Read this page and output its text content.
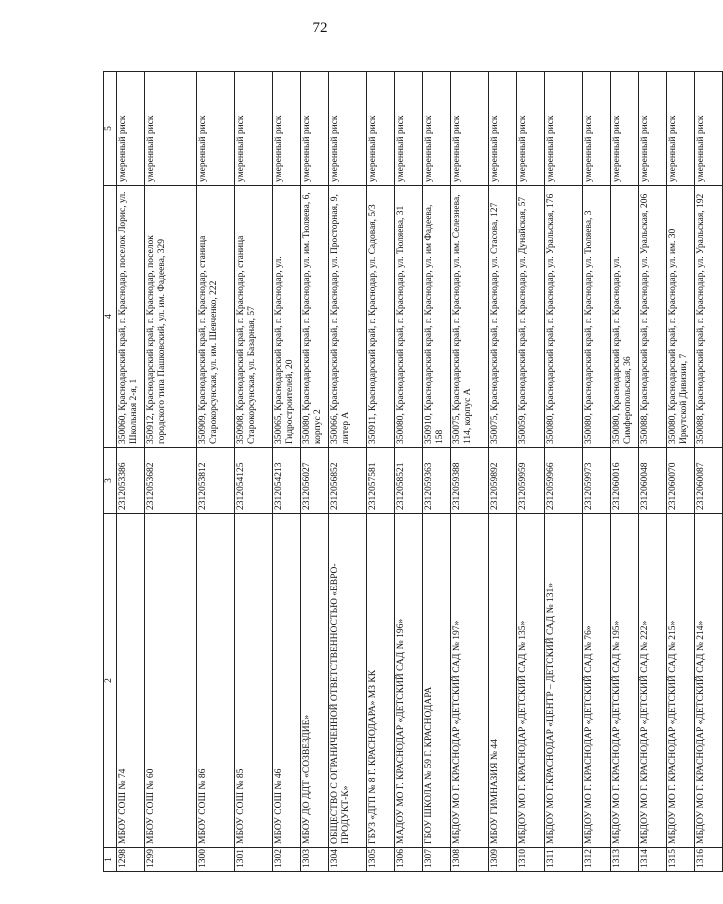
72
1	2	3	4	5
1298	МБОУ СОШ № 74	2312053386	350060, Краснодарский край, г. Краснодар, поселок Лорис, ул. Школьная 2-я, 1	умеренный риск
1299	МБОУ СОШ № 60	2312053682	350912, Краснодарский край, г. Краснодар, поселок городского типа Пашковский, ул. им. Фадеева, 329	умеренный риск
1300	МБОУ СОШ № 86	2312053812	350909, Краснодарский край, г. Краснодар, станица Старокорсунская, ул. им. Шевченко, 222	умеренный риск
1301	МБОУ СОШ № 85	2312054125	350908, Краснодарский край, г. Краснодар, станица Старокорсунская, ул. Базарная, 57	умеренный риск
1302	МБОУ СОШ № 46	2312054213	350065, Краснодарский край, г. Краснодар, ул. Гидростроителей, 20	умеренный риск
1303	МБОУ ДО ДДТ «СОЗВЕЗДИЕ»	2312056027	350080, Краснодарский край, г. Краснодар, ул. им. Тюляева, 6, корпус 2	умеренный риск
1304	ОБЩЕСТВО С ОГРАНИЧЕННОЙ ОТВЕТСТВЕННОСТЬЮ «ЕВРО-ПРОДУКТ-К»	2312056852	350066, Краснодарский край, г. Краснодар, ул. Просторная, 9, литер А	умеренный риск
1305	ГБУЗ «ДГП № 8 Г. КРАСНОДАРА» МЗ КК	2312057581	350911, Краснодарский край, г. Краснодар, ул. Садовая, 5/3	умеренный риск
1306	МАДОУ МО Г. КРАСНОДАР «ДЕТСКИЙ САД № 196»	2312058521	350080, Краснодарский край, г. Краснодар, ул. Тюляева, 31	умеренный риск
1307	ГБОУ ШКОЛА № 59 Г. КРАСНОДАРА	2312059363	350910, Краснодарский край, г. Краснодар, ул. им Фадеева, 158	умеренный риск
1308	МБДОУ МО Г. КРАСНОДАР «ДЕТСКИЙ САД № 197»	2312059388	350075, Краснодарский край, г. Краснодар, ул. им. Селезнева, 114, корпус А	умеренный риск
1309	МБОУ ГИМНАЗИЯ № 44	2312059892	350075, Краснодарский край, г. Краснодар, ул. Стасова, 127	умеренный риск
1310	МБДОУ МО Г. КРАСНОДАР «ДЕТСКИЙ САД № 135»	2312059959	350059, Краснодарский край, г. Краснодар, ул. Дунайская, 57	умеренный риск
1311	МБДОУ МО Г.КРАСНОДАР «ЦЕНТР – ДЕТСКИЙ САД № 131»	2312059966	350080, Краснодарский край, г. Краснодар, ул. Уральская, 176	умеренный риск
1312	МБДОУ МО Г. КРАСНОДАР «ДЕТСКИЙ САД № 76»	2312059973	350080, Краснодарский край, г. Краснодар, ул. Тюляева, 3	умеренный риск
1313	МБДОУ МО Г. КРАСНОДАР «ДЕТСКИЙ САД № 195»	2312060016	350080, Краснодарский край, г. Краснодар, ул. Симферопольская, 36	умеренный риск
1314	МБДОУ МО Г. КРАСНОДАР «ДЕТСКИЙ САД № 222»	2312060048	350088, Краснодарский край, г. Краснодар, ул. Уральская, 206	умеренный риск
1315	МБДОУ МО Г. КРАСНОДАР «ДЕТСКИЙ САД № 215»	2312060070	350080, Краснодарский край, г. Краснодар, ул. им. 30 Иркутской Дивизии, 7	умеренный риск
1316	МБДОУ МО Г. КРАСНОДАР «ДЕТСКИЙ САД № 214»	2312060087	350088, Краснодарский край, г. Краснодар, ул. Уральская, 192	умеренный риск
